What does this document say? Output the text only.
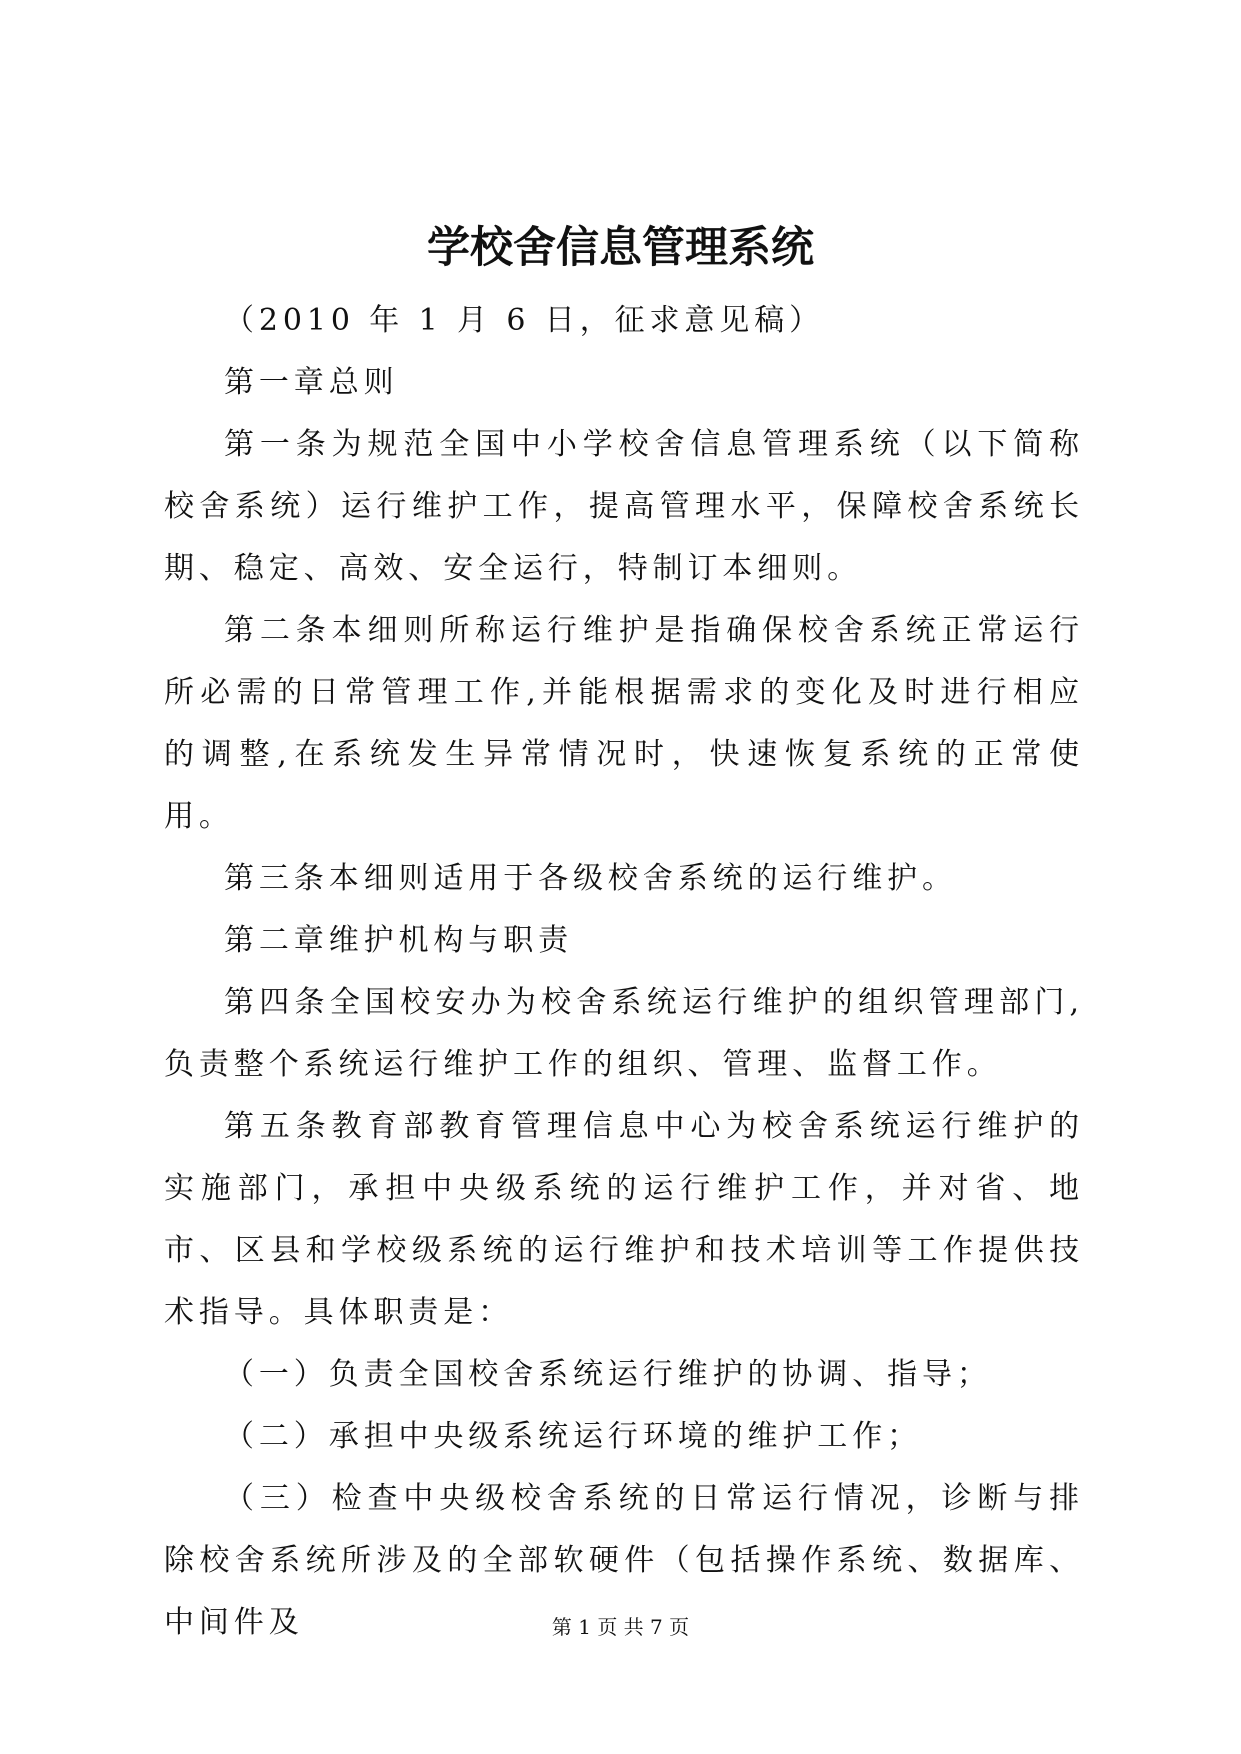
学校舍信息管理系统

（2010 年 1 月 6 日，征求意见稿）

第一章总则

第一条为规范全国中小学校舍信息管理系统（以下简称校舍系统）运行维护工作，提高管理水平，保障校舍系统长期、稳定、高效、安全运行，特制订本细则。

第二条本细则所称运行维护是指确保校舍系统正常运行所必需的日常管理工作,并能根据需求的变化及时进行相应的调整,在系统发生异常情况时，快速恢复系统的正常使用。

第三条本细则适用于各级校舍系统的运行维护。

第二章维护机构与职责

第四条全国校安办为校舍系统运行维护的组织管理部门,负责整个系统运行维护工作的组织、管理、监督工作。

第五条教育部教育管理信息中心为校舍系统运行维护的实施部门，承担中央级系统的运行维护工作，并对省、地市、区县和学校级系统的运行维护和技术培训等工作提供技术指导。具体职责是：

（一）负责全国校舍系统运行维护的协调、指导；

（二）承担中央级系统运行环境的维护工作；

（三）检查中央级校舍系统的日常运行情况，诊断与排除校舍系统所涉及的全部软硬件（包括操作系统、数据库、中间件及	第 1 页 共 7 页
